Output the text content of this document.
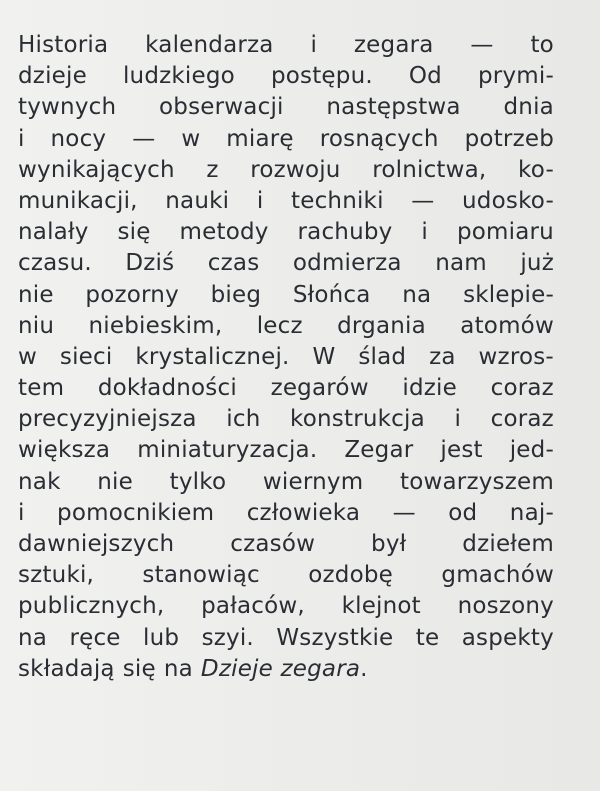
Historia kalendarza i zegara — to
dzieje ludzkiego postępu. Od prymi-
tywnych obserwacji następstwa dnia
i nocy — w miarę rosnących potrzeb
wynikających z rozwoju rolnictwa, ko-
munikacji, nauki i techniki — udosko-
nalały się metody rachuby i pomiaru
czasu. Dziś czas odmierza nam już
nie pozorny bieg Słońca na sklepie-
niu niebieskim, lecz drgania atomów
w sieci krystalicznej. W ślad za wzros-
tem dokładności zegarów idzie coraz
precyzyjniejsza ich konstrukcja i coraz
większa miniaturyzacja. Zegar jest jed-
nak nie tylko wiernym towarzyszem
i pomocnikiem człowieka — od naj-
dawniejszych czasów był dziełem
sztuki, stanowiąc ozdobę gmachów
publicznych, pałaców, klejnot noszony
na ręce lub szyi. Wszystkie te aspekty
składają się na Dzieje zegara.
